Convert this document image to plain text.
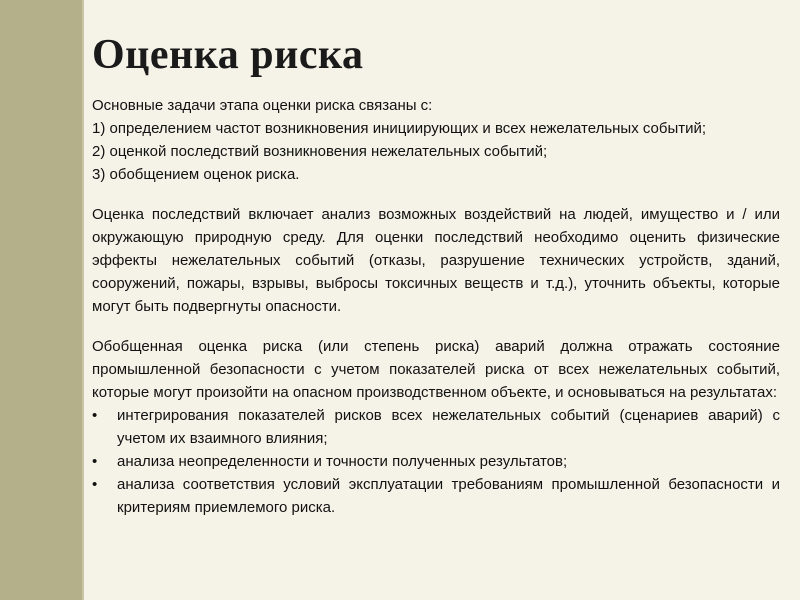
Оценка риска

Основные задачи этапа оценки риска связаны с:

1) определением частот возникновения инициирующих и всех нежелательных событий;

2) оценкой последствий возникновения нежелательных событий;

3) обобщением оценок риска.

Оценка последствий включает анализ возможных воздействий на людей, имущество и / или окружающую природную среду. Для оценки последствий необходимо оценить физические эффекты нежелательных событий (отказы, разрушение технических устройств, зданий, сооружений, пожары, взрывы, выбросы токсичных веществ и т.д.), уточнить объекты, которые могут быть подвергнуты опасности.

Обобщенная оценка риска (или степень риска) аварий должна отражать состояние промышленной безопасности с учетом показателей риска от всех нежелательных событий, которые могут произойти на опасном производственном объекте, и основываться на результатах:

• интегрирования показателей рисков всех нежелательных событий (сценариев аварий) с учетом их взаимного влияния;
• анализа неопределенности и точности полученных результатов;
• анализа соответствия условий эксплуатации требованиям промышленной безопасности и критериям приемлемого риска.
